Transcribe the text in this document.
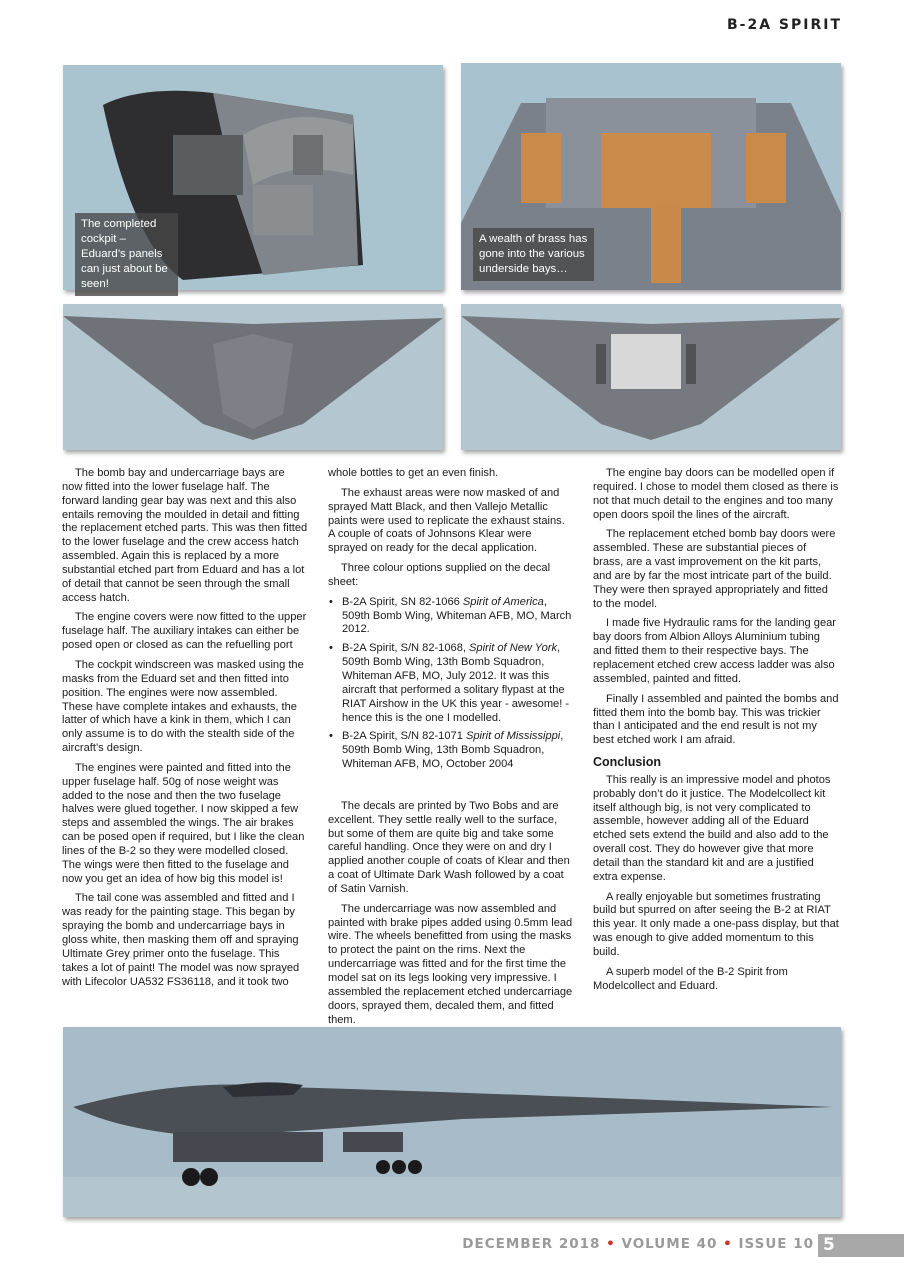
B-2A SPIRIT
The completed cockpit – Eduard’s panels can just about be seen!
A wealth of brass has gone into the various underside bays…

The bomb bay and undercarriage bays are now fitted into the lower fuselage half. The forward landing gear bay was next and this also entails removing the moulded in detail and fitting the replacement etched parts. This was then fitted to the lower fuselage and the crew access hatch assembled. Again this is replaced by a more substantial etched part from Eduard and has a lot of detail that cannot be seen through the small access hatch.

The engine covers were now fitted to the upper fuselage half. The auxiliary intakes can either be posed open or closed as can the refuelling port

The cockpit windscreen was masked using the masks from the Eduard set and then fitted into position. The engines were now assembled. These have complete intakes and exhausts, the latter of which have a kink in them, which I can only assume is to do with the stealth side of the aircraft’s design.

The engines were painted and fitted into the upper fuselage half. 50g of nose weight was added to the nose and then the two fuselage halves were glued together. I now skipped a few steps and assembled the wings. The air brakes can be posed open if required, but I like the clean lines of the B-2 so they were modelled closed. The wings were then fitted to the fuselage and now you get an idea of how big this model is!

The tail cone was assembled and fitted and I was ready for the painting stage. This began by spraying the bomb and undercarriage bays in gloss white, then masking them off and spraying Ultimate Grey primer onto the fuselage. This takes a lot of paint! The model was now sprayed with Lifecolor UA532 FS36118, and it took two

whole bottles to get an even finish.

The exhaust areas were now masked of and sprayed Matt Black, and then Vallejo Metallic paints were used to replicate the exhaust stains. A couple of coats of Johnsons Klear were sprayed on ready for the decal application.

Three colour options supplied on the decal sheet:

• B-2A Spirit, SN 82-1066 Spirit of America, 509th Bomb Wing, Whiteman AFB, MO, March 2012.
• B-2A Spirit, S/N 82-1068, Spirit of New York, 509th Bomb Wing, 13th Bomb Squadron, Whiteman AFB, MO, July 2012. It was this aircraft that performed a solitary flypast at the RIAT Airshow in the UK this year - awesome! - hence this is the one I modelled.
• B-2A Spirit, S/N 82-1071 Spirit of Mississippi, 509th Bomb Wing, 13th Bomb Squadron, Whiteman AFB, MO, October 2004

The decals are printed by Two Bobs and are excellent. They settle really well to the surface, but some of them are quite big and take some careful handling. Once they were on and dry I applied another couple of coats of Klear and then a coat of Ultimate Dark Wash followed by a coat of Satin Varnish.

The undercarriage was now assembled and painted with brake pipes added using 0.5mm lead wire. The wheels benefitted from using the masks to protect the paint on the rims. Next the undercarriage was fitted and for the first time the model sat on its legs looking very impressive. I assembled the replacement etched undercarriage doors, sprayed them, decaled them, and fitted them.

The engine bay doors can be modelled open if required. I chose to model them closed as there is not that much detail to the engines and too many open doors spoil the lines of the aircraft.

The replacement etched bomb bay doors were assembled. These are substantial pieces of brass, are a vast improvement on the kit parts, and are by far the most intricate part of the build. They were then sprayed appropriately and fitted to the model.

I made five Hydraulic rams for the landing gear bay doors from Albion Alloys Aluminium tubing and fitted them to their respective bays. The replacement etched crew access ladder was also assembled, painted and fitted.

Finally I assembled and painted the bombs and fitted them into the bomb bay. This was trickier than I anticipated and the end result is not my best etched work I am afraid.

Conclusion

This really is an impressive model and photos probably don’t do it justice. The Modelcollect kit itself although big, is not very complicated to assemble, however adding all of the Eduard etched sets extend the build and also add to the overall cost. They do however give that more detail than the standard kit and are a justified extra expense.

A really enjoyable but sometimes frustrating build but spurred on after seeing the B-2 at RIAT this year. It only made a one-pass display, but that was enough to give added momentum to this build.

A superb model of the B-2 Spirit from Modelcollect and Eduard.

DECEMBER 2018 • VOLUME 40 • ISSUE 10 5
